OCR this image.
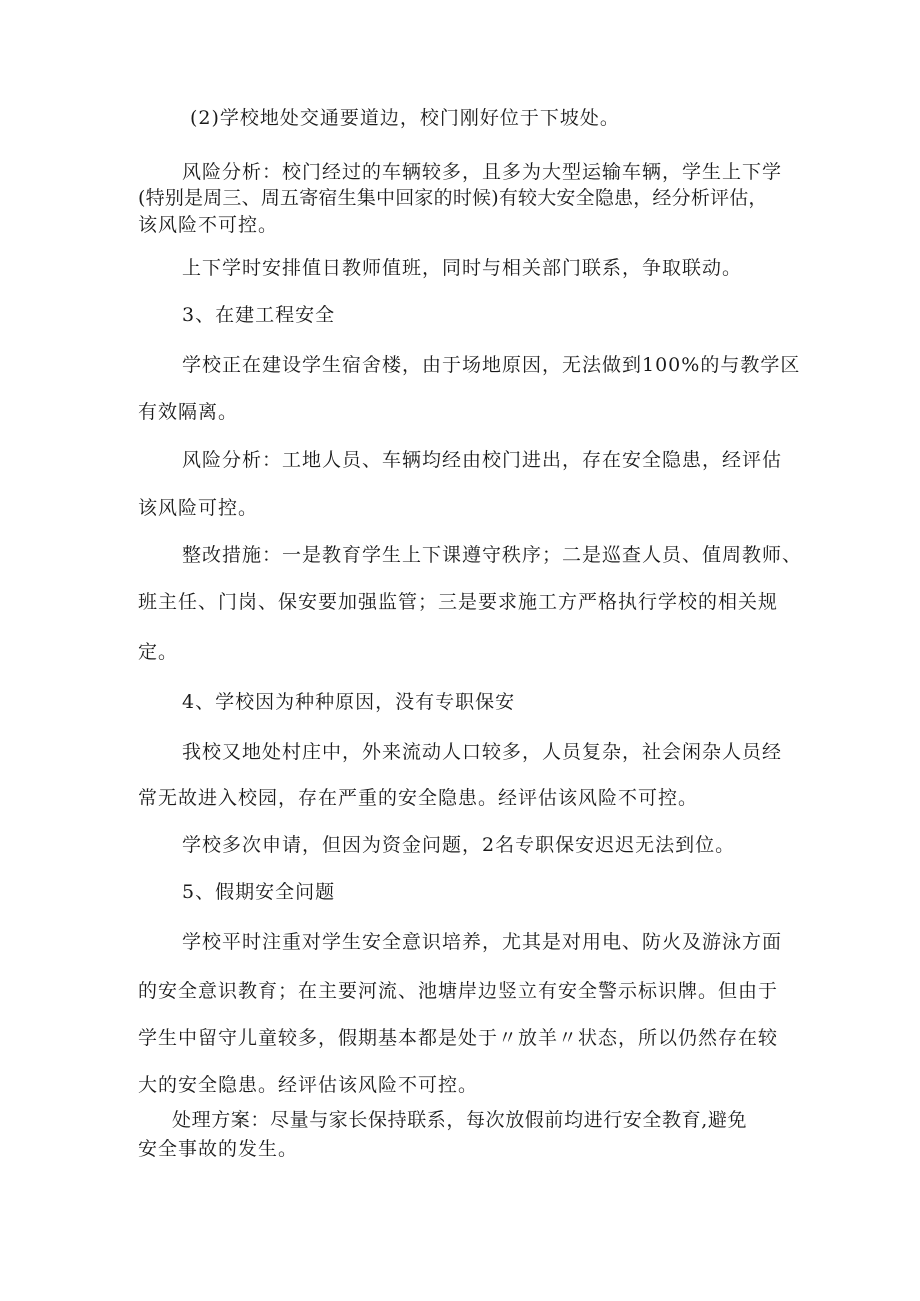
(2)学校地处交通要道边，校门刚好位于下坡处。
风险分析：校门经过的车辆较多，且多为大型运输车辆，学生上下学
(特别是周三、周五寄宿生集中回家的时候)有较大安全隐患，经分析评估，
该风险不可控。
上下学时安排值日教师值班，同时与相关部门联系，争取联动。
3、在建工程安全
学校正在建设学生宿舍楼，由于场地原因，无法做到100%的与教学区
有效隔离。
风险分析：工地人员、车辆均经由校门进出，存在安全隐患，经评估
该风险可控。
整改措施：一是教育学生上下课遵守秩序；二是巡查人员、值周教师、
班主任、门岗、保安要加强监管；三是要求施工方严格执行学校的相关规
定。
4、学校因为种种原因，没有专职保安
我校又地处村庄中，外来流动人口较多，人员复杂，社会闲杂人员经
常无故进入校园，存在严重的安全隐患。经评估该风险不可控。
学校多次申请，但因为资金问题，2名专职保安迟迟无法到位。
5、假期安全问题
学校平时注重对学生安全意识培养，尤其是对用电、防火及游泳方面
的安全意识教育；在主要河流、池塘岸边竖立有安全警示标识牌。但由于
学生中留守儿童较多，假期基本都是处于〃放羊〃状态，所以仍然存在较
大的安全隐患。经评估该风险不可控。
处理方案：尽量与家长保持联系，每次放假前均进行安全教育,避免
安全事故的发生。
